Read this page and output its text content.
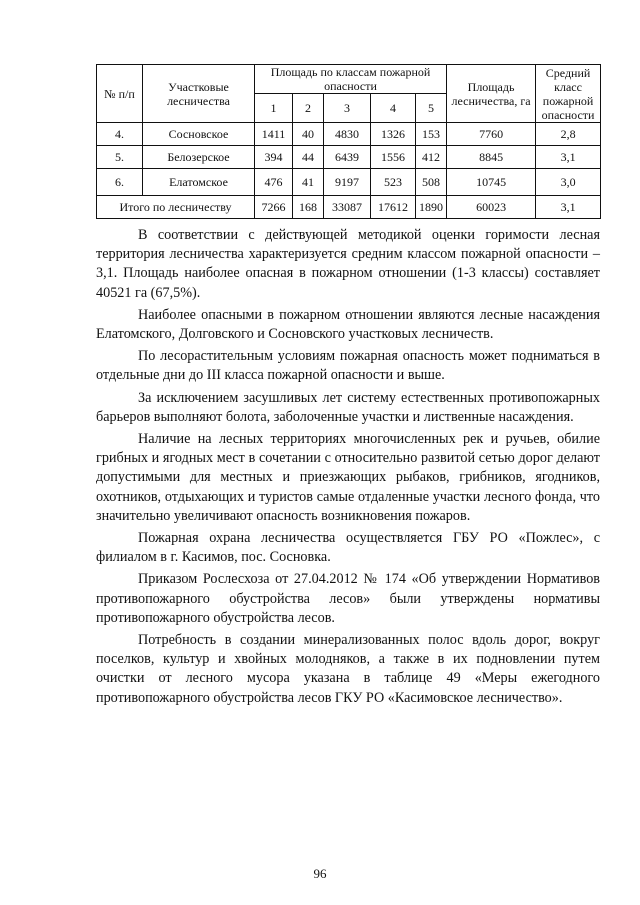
№ п/п	Участковые лесничества	Площадь по классам пожарной опасности					Площадь лесничества, га	Средний класс пожарной опасности
		1	2	3	4	5		
4.	Сосновское	1411	40	4830	1326	153	7760	2,8
5.	Белозерское	394	44	6439	1556	412	8845	3,1
6.	Елатомское	476	41	9197	523	508	10745	3,0
Итого по лесничеству		7266	168	33087	17612	1890	60023	3,1

В соответствии с действующей методикой оценки горимости лесная территория лесничества характеризуется средним классом пожарной опасности – 3,1. Площадь наиболее опасная в пожарном отношении (1-3 классы) составляет 40521 га (67,5%).

Наиболее опасными в пожарном отношении являются лесные насаждения Елатомского, Долговского и Сосновского участковых лесничеств.

По лесорастительным условиям пожарная опасность может подниматься в отдельные дни до III класса пожарной опасности и выше.

За исключением засушливых лет систему естественных противопожарных барьеров выполняют болота, заболоченные участки и лиственные насаждения.

Наличие на лесных территориях многочисленных рек и ручьев, обилие грибных и ягодных мест в сочетании с относительно развитой сетью дорог делают допустимыми для местных и приезжающих рыбаков, грибников, ягодников, охотников, отдыхающих и туристов самые отдаленные участки лесного фонда, что значительно увеличивают опасность возникновения пожаров.

Пожарная охрана лесничества осуществляется ГБУ РО «Пожлес», с филиалом в г. Касимов, пос. Сосновка.

Приказом Рослесхоза от 27.04.2012 № 174 «Об утверждении Нормативов противопожарного обустройства лесов» были утверждены нормативы противопожарного обустройства лесов.

Потребность в создании минерализованных полос вдоль дорог, вокруг поселков, культур и хвойных молодняков, а также в их подновлении путем очистки от лесного мусора указана в таблице 49 «Меры ежегодного противопожарного обустройства лесов ГКУ РО «Касимовское лесничество».

96
